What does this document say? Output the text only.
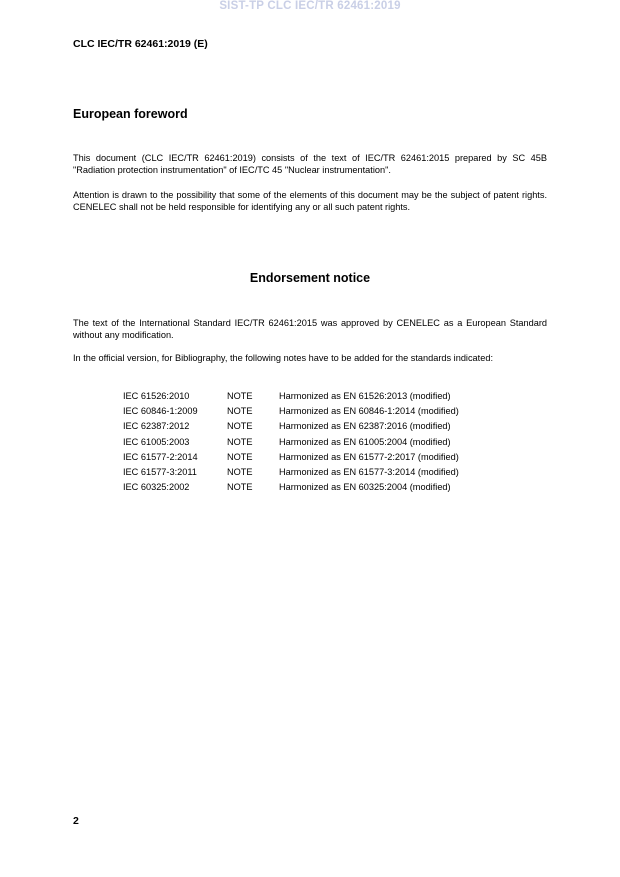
SIST-TP CLC IEC/TR 62461:2019
CLC IEC/TR 62461:2019 (E)
European foreword
This document (CLC IEC/TR 62461:2019) consists of the text of IEC/TR 62461:2015 prepared by SC 45B "Radiation protection instrumentation" of IEC/TC 45 "Nuclear instrumentation".
Attention is drawn to the possibility that some of the elements of this document may be the subject of patent rights. CENELEC shall not be held responsible for identifying any or all such patent rights.
Endorsement notice
The text of the International Standard IEC/TR 62461:2015 was approved by CENELEC as a European Standard without any modification.
In the official version, for Bibliography, the following notes have to be added for the standards indicated:
IEC 61526:2010	NOTE	Harmonized as EN 61526:2013 (modified)
IEC 60846-1:2009	NOTE	Harmonized as EN 60846-1:2014 (modified)
IEC 62387:2012	NOTE	Harmonized as EN 62387:2016 (modified)
IEC 61005:2003	NOTE	Harmonized as EN 61005:2004 (modified)
IEC 61577-2:2014	NOTE	Harmonized as EN 61577-2:2017 (modified)
IEC 61577-3:2011	NOTE	Harmonized as EN 61577-3:2014 (modified)
IEC 60325:2002	NOTE	Harmonized as EN 60325:2004 (modified)
2
